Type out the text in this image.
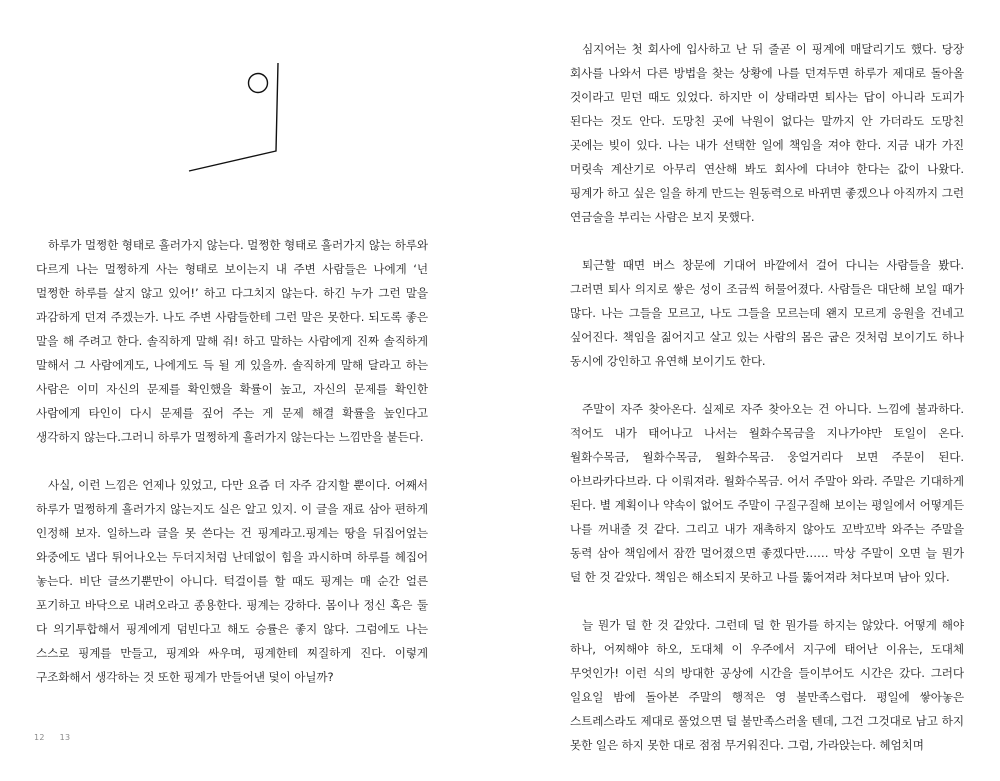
하루가 멀쩡한 형태로 흘러가지 않는다. 멀쩡한 형태로 흘러가지 않는 하루와 다르게 나는 멀쩡하게 사는 형태로 보이는지 내 주변 사람들은 나에게 ‘넌 멀쩡한 하루를 살지 않고 있어!’ 하고 다그치지 않는다. 하긴 누가 그런 말을 과감하게 던져 주겠는가. 나도 주변 사람들한테 그런 말은 못한다. 되도록 좋은 말을 해 주려고 한다. 솔직하게 말해 줘! 하고 말하는 사람에게 진짜 솔직하게 말해서 그 사람에게도, 나에게도 득 될 게 있을까. 솔직하게 말해 달라고 하는 사람은 이미 자신의 문제를 확인했을 확률이 높고, 자신의 문제를 확인한 사람에게 타인이 다시 문제를 짚어 주는 게 문제 해결 확률을 높인다고 생각하지 않는다.그러니 하루가 멀쩡하게 흘러가지 않는다는 느낌만을 붙든다.

사실, 이런 느낌은 언제나 있었고, 다만 요즘 더 자주 감지할 뿐이다. 어째서 하루가 멀쩡하게 흘러가지 않는지도 실은 알고 있지. 이 글을 재료 삼아 편하게 인정해 보자. 일하느라 글을 못 쓴다는 건 핑계라고.핑계는 땅을 뒤집어엎는 와중에도 냅다 튀어나오는 두더지처럼 난데없이 힘을 과시하며 하루를 헤집어 놓는다. 비단 글쓰기뿐만이 아니다. 턱걸이를 할 때도 핑계는 매 순간 얼른 포기하고 바닥으로 내려오라고 종용한다. 핑계는 강하다. 몸이나 정신 혹은 둘 다 의기투합해서 핑계에게 덤빈다고 해도 승률은 좋지 않다. 그럼에도 나는 스스로 핑계를 만들고, 핑계와 싸우며, 핑계한테 찌질하게 진다. 이렇게 구조화해서 생각하는 것 또한 핑계가 만들어낸 덫이 아닐까?

12 13

심지어는 첫 회사에 입사하고 난 뒤 줄곧 이 핑계에 매달리기도 했다. 당장 회사를 나와서 다른 방법을 찾는 상황에 나를 던져두면 하루가 제대로 돌아올 것이라고 믿던 때도 있었다. 하지만 이 상태라면 퇴사는 답이 아니라 도피가 된다는 것도 안다. 도망친 곳에 낙원이 없다는 말까지 안 가더라도 도망친 곳에는 빚이 있다. 나는 내가 선택한 일에 책임을 져야 한다. 지금 내가 가진 머릿속 계산기로 아무리 연산해 봐도 회사에 다녀야 한다는 값이 나왔다. 핑계가 하고 싶은 일을 하게 만드는 원동력으로 바뀌면 좋겠으나 아직까지 그런 연금술을 부리는 사람은 보지 못했다.

퇴근할 때면 버스 창문에 기대어 바깥에서 걸어 다니는 사람들을 봤다. 그러면 퇴사 의지로 쌓은 성이 조금씩 허물어졌다. 사람들은 대단해 보일 때가 많다. 나는 그들을 모르고, 나도 그들을 모르는데 왠지 모르게 응원을 건네고 싶어진다. 책임을 짊어지고 살고 있는 사람의 몸은 굽은 것처럼 보이기도 하나 동시에 강인하고 유연해 보이기도 한다.

주말이 자주 찾아온다. 실제로 자주 찾아오는 건 아니다. 느낌에 불과하다. 적어도 내가 태어나고 나서는 월화수목금을 지나가야만 토일이 온다. 월화수목금, 월화수목금, 월화수목금. 웅얼거리다 보면 주문이 된다. 아브라카다브라. 다 이뤄져라. 월화수목금. 어서 주말아 와라. 주말은 기대하게 된다. 별 계획이나 약속이 없어도 주말이 구질구질해 보이는 평일에서 어떻게든 나를 꺼내줄 것 같다. 그리고 내가 재촉하지 않아도 꼬박꼬박 와주는 주말을 동력 삼아 책임에서 잠깐 멀어졌으면 좋겠다만…… 막상 주말이 오면 늘 뭔가 덜 한 것 같았다. 책임은 해소되지 못하고 나를 뚫어져라 쳐다보며 남아 있다.

늘 뭔가 덜 한 것 같았다. 그런데 덜 한 뭔가를 하지는 않았다. 어떻게 해야 하나, 어찌해야 하오, 도대체 이 우주에서 지구에 태어난 이유는, 도대체 무엇인가! 이런 식의 방대한 공상에 시간을 들이부어도 시간은 갔다. 그러다 일요일 밤에 돌아본 주말의 행적은 영 불만족스럽다. 평일에 쌓아놓은 스트레스라도 제대로 풀었으면 덜 불만족스러울 텐데, 그건 그것대로 남고 하지 못한 일은 하지 못한 대로 점점 무거워진다. 그럼, 가라앉는다. 헤엄치며
